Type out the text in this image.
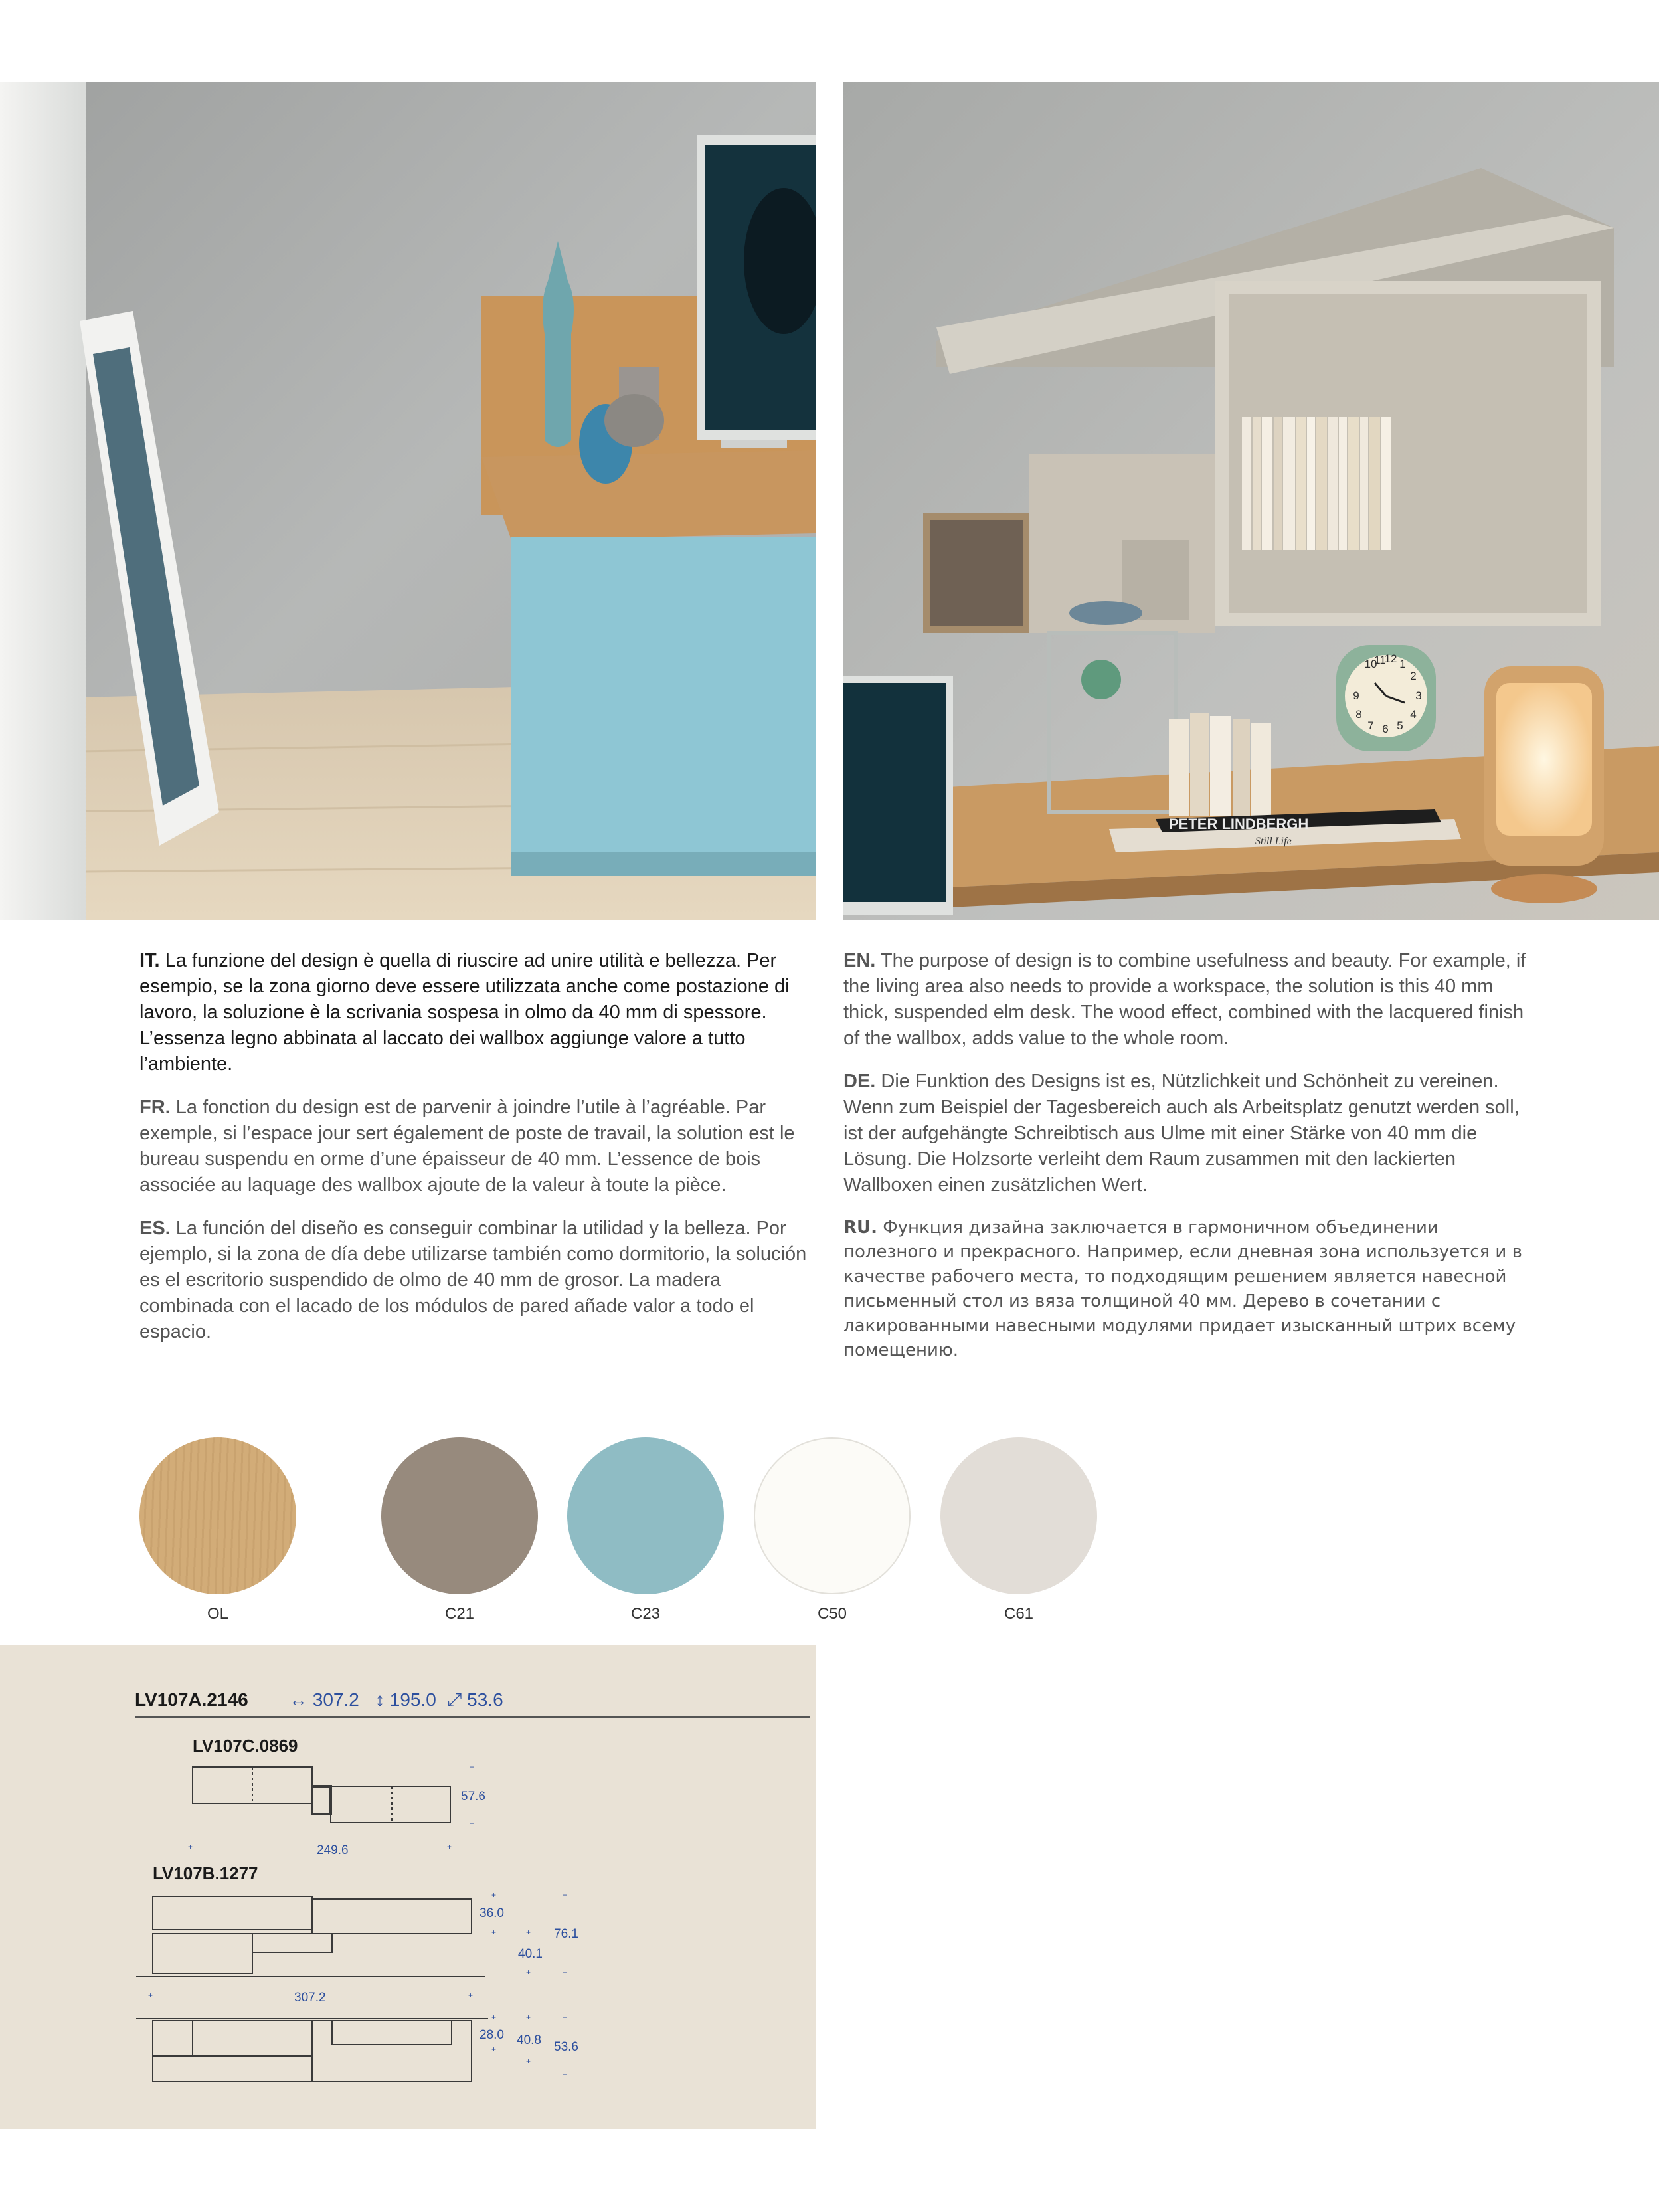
PETER LINDBERGH
Still Life
10
11
12 1
2
3
4
5
6
7
8
9

IT. La funzione del design è quella di riuscire ad unire utilità e bellezza. Per esempio, se la zona giorno deve essere utilizzata anche come postazione di lavoro, la soluzione è la scrivania sospesa in olmo da 40 mm di spessore. L’essenza legno abbinata al laccato dei wallbox aggiunge valore a tutto l’ambiente.

FR. La fonction du design est de parvenir à joindre l’utile à l’agréable. Par exemple, si l’espace jour sert également de poste de travail, la solution est le bureau suspendu en orme d’une épaisseur de 40 mm. L’essence de bois associée au laquage des wallbox ajoute de la valeur à toute la pièce.

ES. La función del diseño es conseguir combinar la utilidad y la belleza. Por ejemplo, si la zona de día debe utilizarse también como dormitorio, la solución es el escritorio suspendido de olmo de 40 mm de grosor. La madera combinada con el lacado de los módulos de pared añade valor a todo el espacio.

EN. The purpose of design is to combine usefulness and beauty. For example, if the living area also needs to provide a workspace, the solution is this 40 mm thick, suspended elm desk. The wood effect, combined with the lacquered finish of the wallbox, adds value to the whole room.

DE. Die Funktion des Designs ist es, Nützlichkeit und Schönheit zu vereinen. Wenn zum Beispiel der Tagesbereich auch als Arbeitsplatz genutzt werden soll, ist der aufgehängte Schreibtisch aus Ulme mit einer Stärke von 40 mm die Lösung. Die Holzsorte verleiht dem Raum zusammen mit den lackierten Wallboxen einen zusätzlichen Wert.

RU. Функция дизайна заключается в гармоничном объединении полезного и прекрасного. Например, если дневная зона используется и в качестве рабочего места, то подходящим решением является навесной письменный стол из вяза толщиной 40 мм. Дерево в сочетании с лакированными навесными модулями придает изысканный штрих всему помещению.

OL	C21	C23	C50	C61
LV107A.2146 ↔ 307.2 ↕ 195.0 ⤢ 53.6
LV107C.0869
57.6
249.6
+
+
+	+
LV107B.1277
36.0
40.1
76.1
307.2
+
+	+
+
+
+
+	+
28.0 40.8 53.6
+
+
+
+
+
+
